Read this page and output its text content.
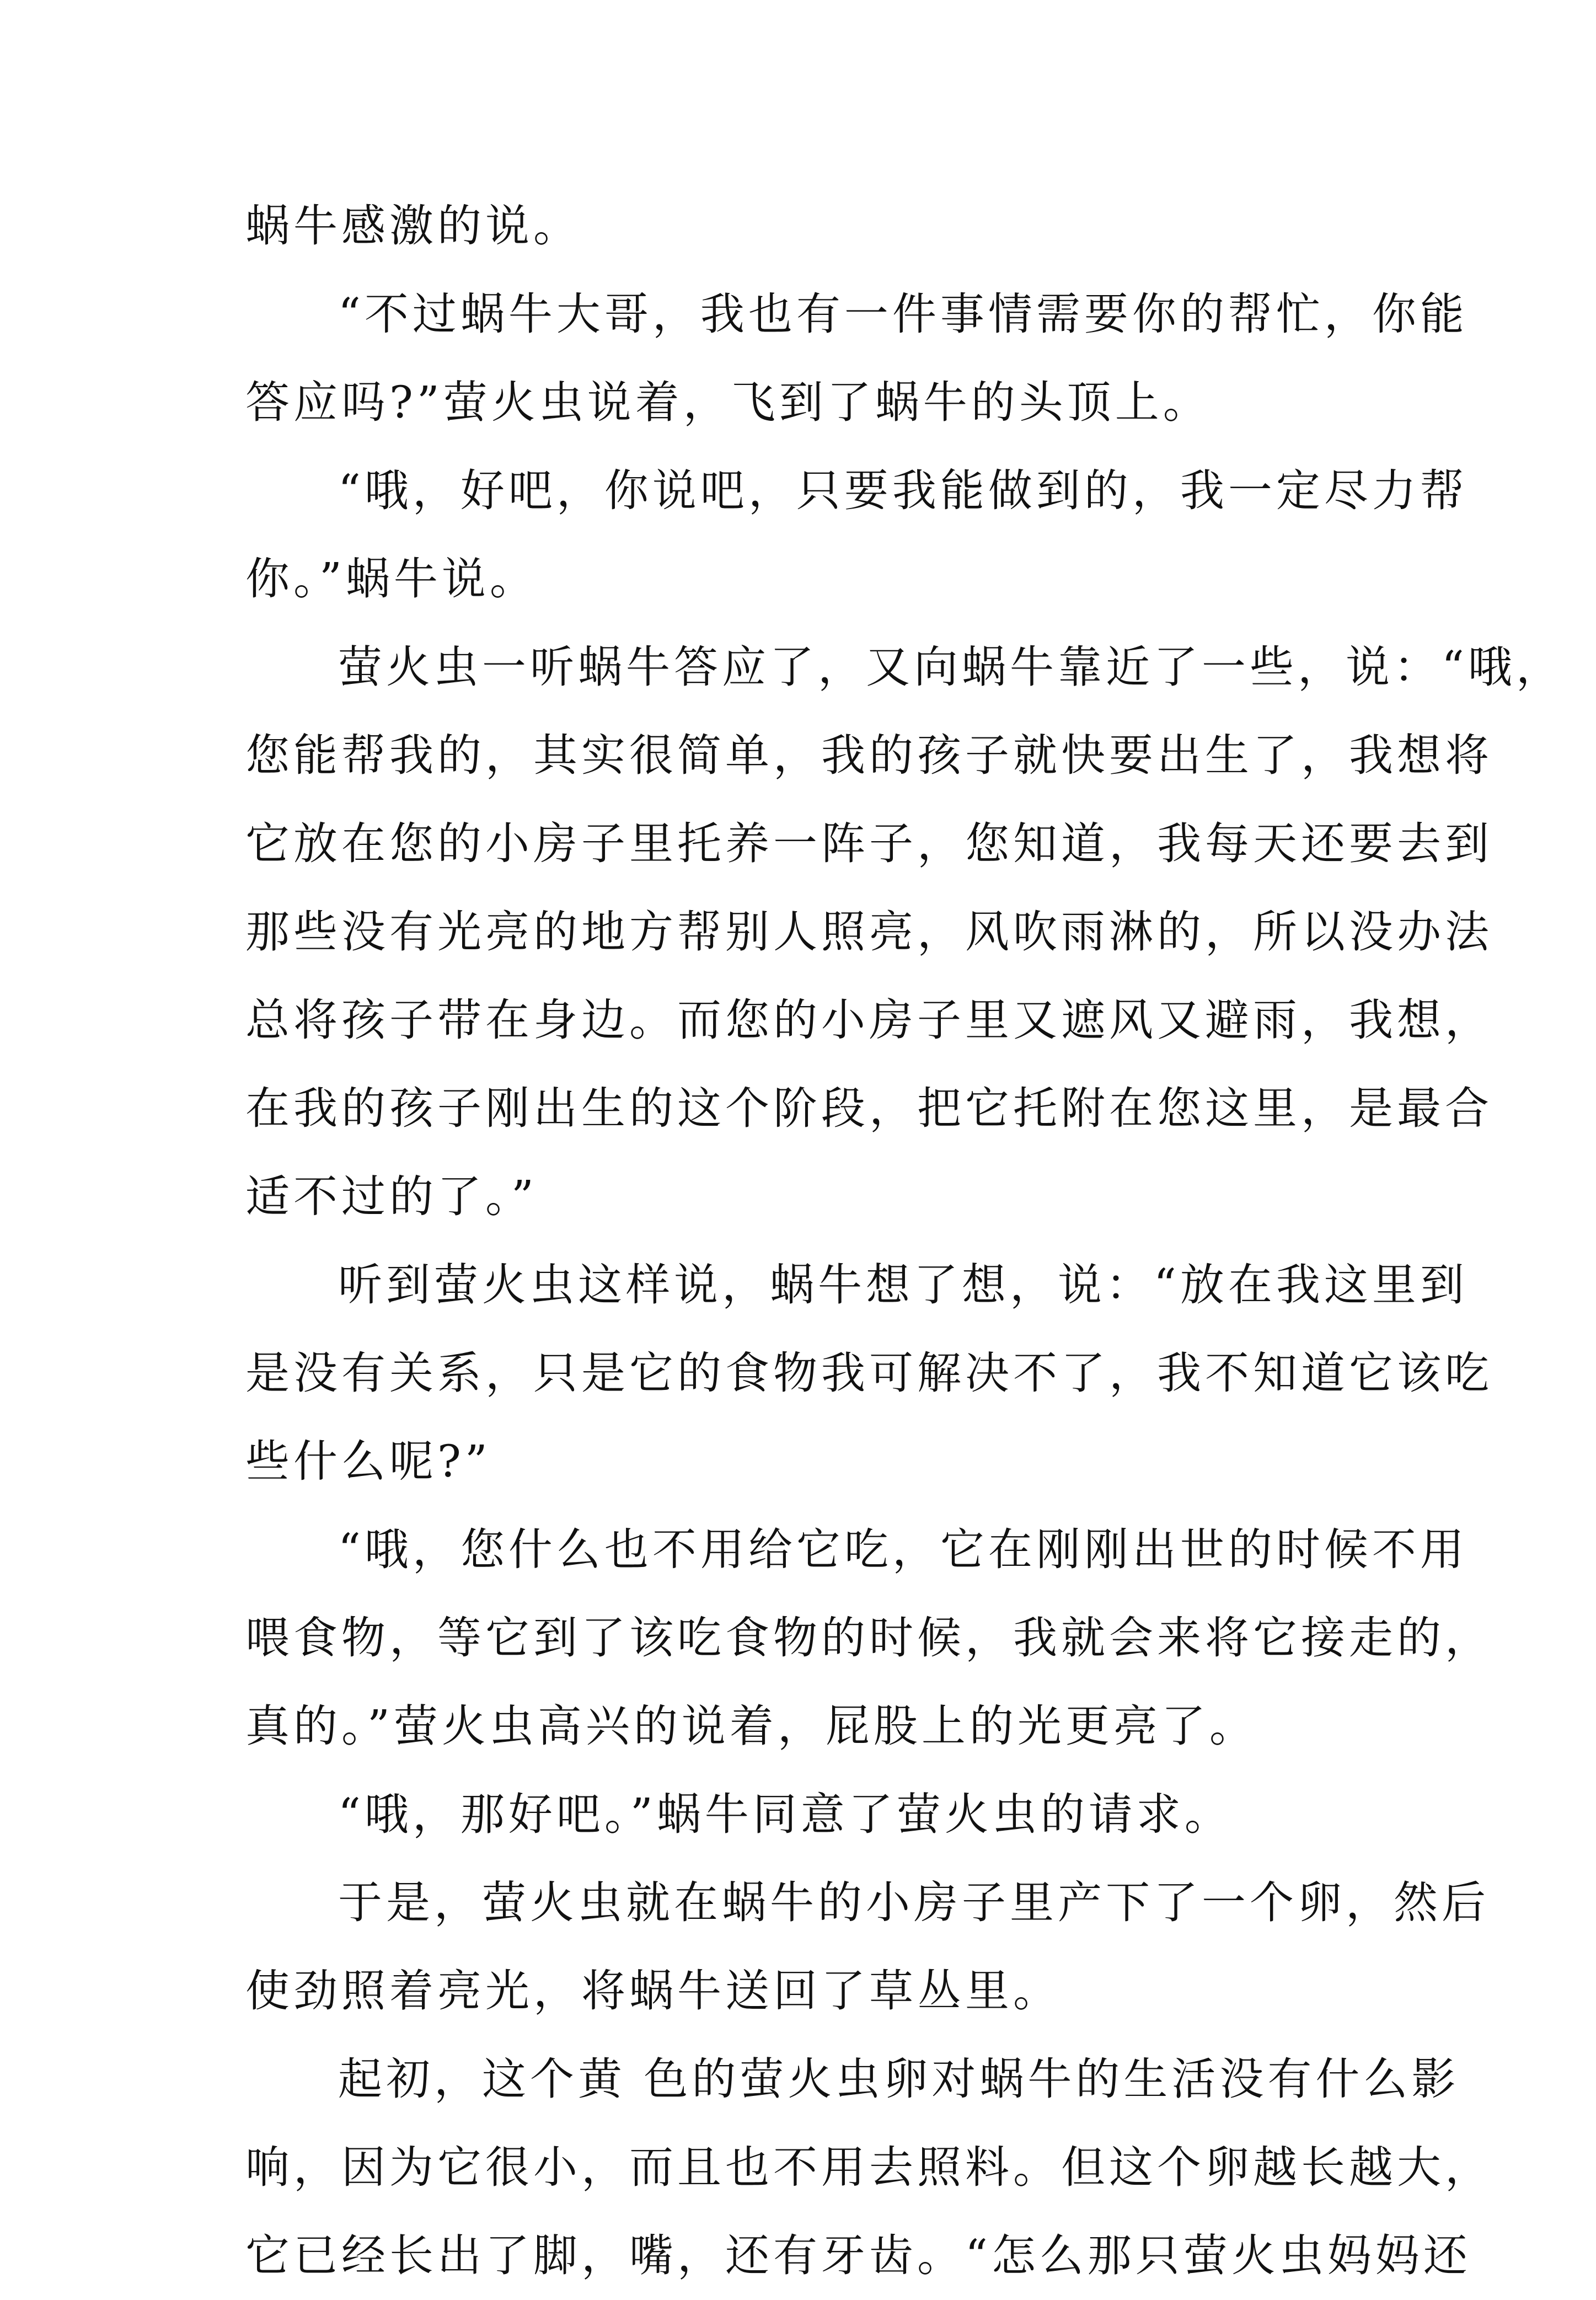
蜗牛感激的说。
“不过蜗牛大哥，我也有一件事情需要你的帮忙，你能
答应吗?”萤火虫说着，飞到了蜗牛的头顶上。
“哦，好吧，你说吧，只要我能做到的，我一定尽力帮
你。”蜗牛说。
萤火虫一听蜗牛答应了，又向蜗牛靠近了一些，说：“哦，
您能帮我的，其实很简单，我的孩子就快要出生了，我想将
它放在您的小房子里托养一阵子，您知道，我每天还要去到
那些没有光亮的地方帮别人照亮，风吹雨淋的，所以没办法
总将孩子带在身边。而您的小房子里又遮风又避雨，我想，
在我的孩子刚出生的这个阶段，把它托附在您这里，是最合
适不过的了。”
听到萤火虫这样说，蜗牛想了想，说：“放在我这里到
是没有关系，只是它的食物我可解决不了，我不知道它该吃
些什么呢?”
“哦，您什么也不用给它吃，它在刚刚出世的时候不用
喂食物，等它到了该吃食物的时候，我就会来将它接走的，
真的。”萤火虫高兴的说着，屁股上的光更亮了。
“哦，那好吧。”蜗牛同意了萤火虫的请求。
于是，萤火虫就在蜗牛的小房子里产下了一个卵，然后
使劲照着亮光，将蜗牛送回了草丛里。
起初，这个黄 色的萤火虫卵对蜗牛的生活没有什么影
响，因为它很小，而且也不用去照料。但这个卵越长越大，
它已经长出了脚，嘴，还有牙齿。“怎么那只萤火虫妈妈还
